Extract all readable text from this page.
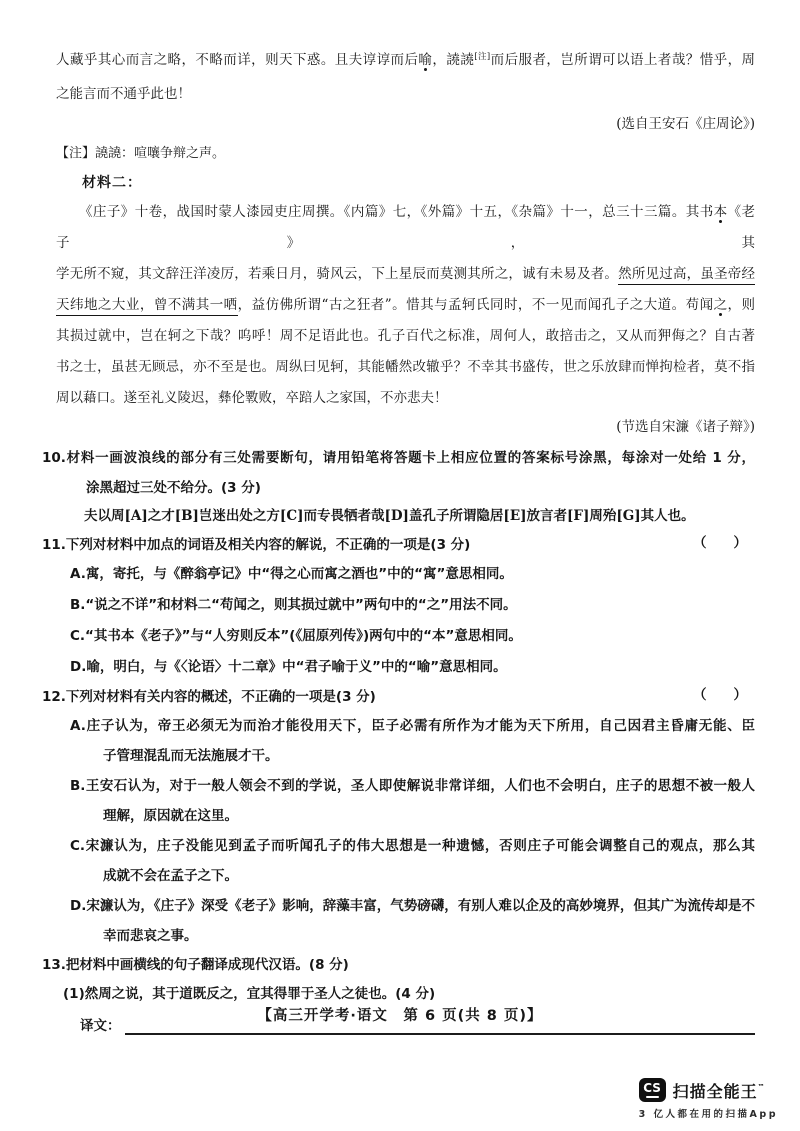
人藏乎其心而言之略，不略而详，则天下惑。且夫谆谆而后喻，譊譊[注]而后服者，岂所谓可以语上者哉？惜乎，周
之能言而不通乎此也！

(选自王安石《庄周论》)

【注】譊譊：喧嚷争辩之声。

材料二：

《庄子》十卷，战国时蒙人漆园吏庄周撰。《内篇》七，《外篇》十五，《杂篇》十一，总三十三篇。其书本《老子》，其
学无所不窥，其文辞汪洋凌厉，若乘日月，骑风云，下上星辰而莫测其所之，诚有未易及者。然所见过高，虽圣帝经
天纬地之大业，曾不满其一哂，益仿佛所谓“古之狂者”。惜其与孟轲氏同时，不一见而闻孔子之大道。苟闻之，则
其损过就中，岂在轲之下哉？呜呼！周不足语此也。孔子百代之标准，周何人，敢掊击之，又从而狎侮之？自古著
书之士，虽甚无顾忌，亦不至是也。周纵曰见轲，其能幡然改辙乎？不幸其书盛传，世之乐放肆而惮拘检者，莫不指
周以藉口。遂至礼义陵迟，彝伦斁败，卒踣人之家国，不亦悲夫！

(节选自宋濂《诸子辩》)

10.材料一画波浪线的部分有三处需要断句，请用铅笔将答题卡上相应位置的答案标号涂黑，每涂对一处给 1 分，
涂黑超过三处不给分。(3 分)
夫以周[A]之才[B]岂迷出处之方[C]而专畏牺者哉[D]盖孔子所谓隐居[E]放言者[F]周殆[G]其人也。
11.下列对材料中加点的词语及相关内容的解说，不正确的一项是(3 分)	（　　）
A.寓，寄托，与《醉翁亭记》中“得之心而寓之酒也”中的“寓”意思相同。
B.“说之不详”和材料二“苟闻之，则其损过就中”两句中的“之”用法不同。
C.“其书本《老子》”与“人穷则反本”(《屈原列传》)两句中的“本”意思相同。
D.喻，明白，与《〈论语〉十二章》中“君子喻于义”中的“喻”意思相同。
12.下列对材料有关内容的概述，不正确的一项是(3 分)	（　　）
A.庄子认为，帝王必须无为而治才能役用天下，臣子必需有所作为才能为天下所用，自己因君主昏庸无能、臣
子管理混乱而无法施展才干。
B.王安石认为，对于一般人领会不到的学说，圣人即使解说非常详细，人们也不会明白，庄子的思想不被一般人
理解，原因就在这里。
C.宋濂认为，庄子没能见到孟子而听闻孔子的伟大思想是一种遗憾，否则庄子可能会调整自己的观点，那么其
成就不会在孟子之下。
D.宋濂认为，《庄子》深受《老子》影响，辞藻丰富，气势磅礴，有别人难以企及的高妙境界，但其广为流传却是不
幸而悲哀之事。
13.把材料中画横线的句子翻译成现代汉语。(8 分)
(1)然周之说，其于道既反之，宜其得罪于圣人之徒也。(4 分)
译文：
【高三开学考·语文　第 6 页(共 8 页)】
CS 扫描全能王™
3 亿人都在用的扫描App
